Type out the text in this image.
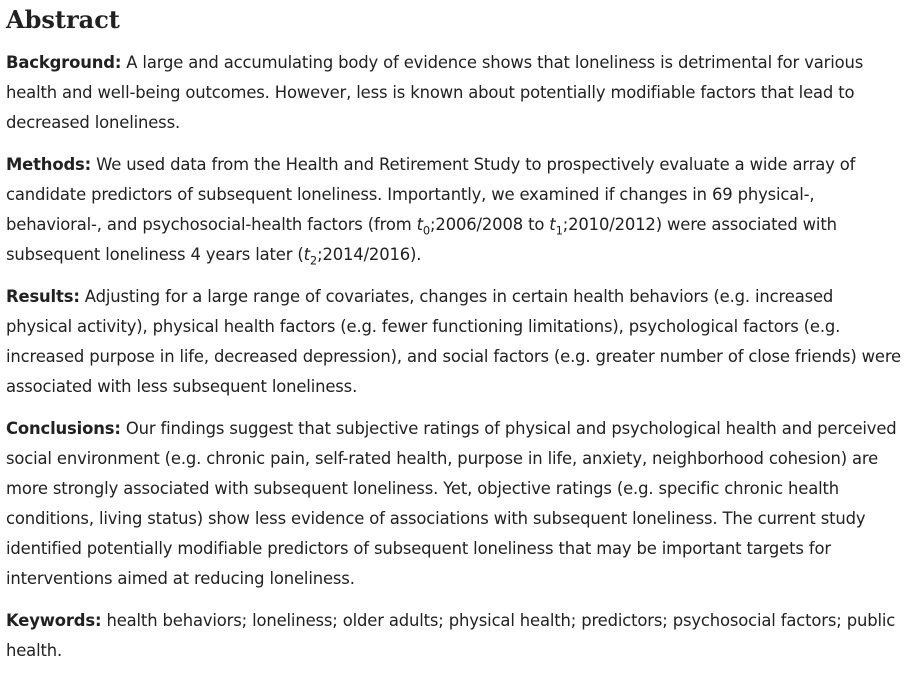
Abstract

Background: A large and accumulating body of evidence shows that loneliness is detrimental for various health and well-being outcomes. However, less is known about potentially modifiable factors that lead to decreased loneliness.

Methods: We used data from the Health and Retirement Study to prospectively evaluate a wide array of candidate predictors of subsequent loneliness. Importantly, we examined if changes in 69 physical-, behavioral-, and psychosocial-health factors (from $t_0;2006/2008$ to $t_1;2010/2012$) were associated with subsequent loneliness 4 years later $(t_2;2014/2016)$.

Results: Adjusting for a large range of covariates, changes in certain health behaviors (e.g. increased physical activity), physical health factors (e.g. fewer functioning limitations), psychological factors (e.g. increased purpose in life, decreased depression), and social factors (e.g. greater number of close friends) were associated with less subsequent loneliness.

Conclusions: Our findings suggest that subjective ratings of physical and psychological health and perceived social environment (e.g. chronic pain, self-rated health, purpose in life, anxiety, neighborhood cohesion) are more strongly associated with subsequent loneliness. Yet, objective ratings (e.g. specific chronic health conditions, living status) show less evidence of associations with subsequent loneliness. The current study identified potentially modifiable predictors of subsequent loneliness that may be important targets for interventions aimed at reducing loneliness.

Keywords: health behaviors; loneliness; older adults; physical health; predictors; psychosocial factors; public health.
